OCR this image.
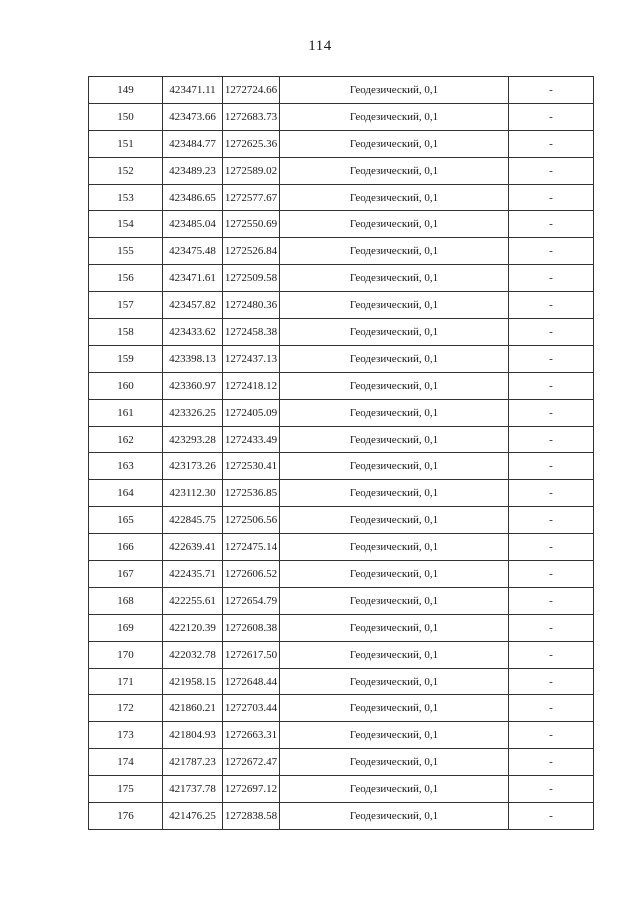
114
149	423471.11	1272724.66	Геодезический, 0,1	-
150	423473.66	1272683.73	Геодезический, 0,1	-
151	423484.77	1272625.36	Геодезический, 0,1	-
152	423489.23	1272589.02	Геодезический, 0,1	-
153	423486.65	1272577.67	Геодезический, 0,1	-
154	423485.04	1272550.69	Геодезический, 0,1	-
155	423475.48	1272526.84	Геодезический, 0,1	-
156	423471.61	1272509.58	Геодезический, 0,1	-
157	423457.82	1272480.36	Геодезический, 0,1	-
158	423433.62	1272458.38	Геодезический, 0,1	-
159	423398.13	1272437.13	Геодезический, 0,1	-
160	423360.97	1272418.12	Геодезический, 0,1	-
161	423326.25	1272405.09	Геодезический, 0,1	-
162	423293.28	1272433.49	Геодезический, 0,1	-
163	423173.26	1272530.41	Геодезический, 0,1	-
164	423112.30	1272536.85	Геодезический, 0,1	-
165	422845.75	1272506.56	Геодезический, 0,1	-
166	422639.41	1272475.14	Геодезический, 0,1	-
167	422435.71	1272606.52	Геодезический, 0,1	-
168	422255.61	1272654.79	Геодезический, 0,1	-
169	422120.39	1272608.38	Геодезический, 0,1	-
170	422032.78	1272617.50	Геодезический, 0,1	-
171	421958.15	1272648.44	Геодезический, 0,1	-
172	421860.21	1272703.44	Геодезический, 0,1	-
173	421804.93	1272663.31	Геодезический, 0,1	-
174	421787.23	1272672.47	Геодезический, 0,1	-
175	421737.78	1272697.12	Геодезический, 0,1	-
176	421476.25	1272838.58	Геодезический, 0,1	-
